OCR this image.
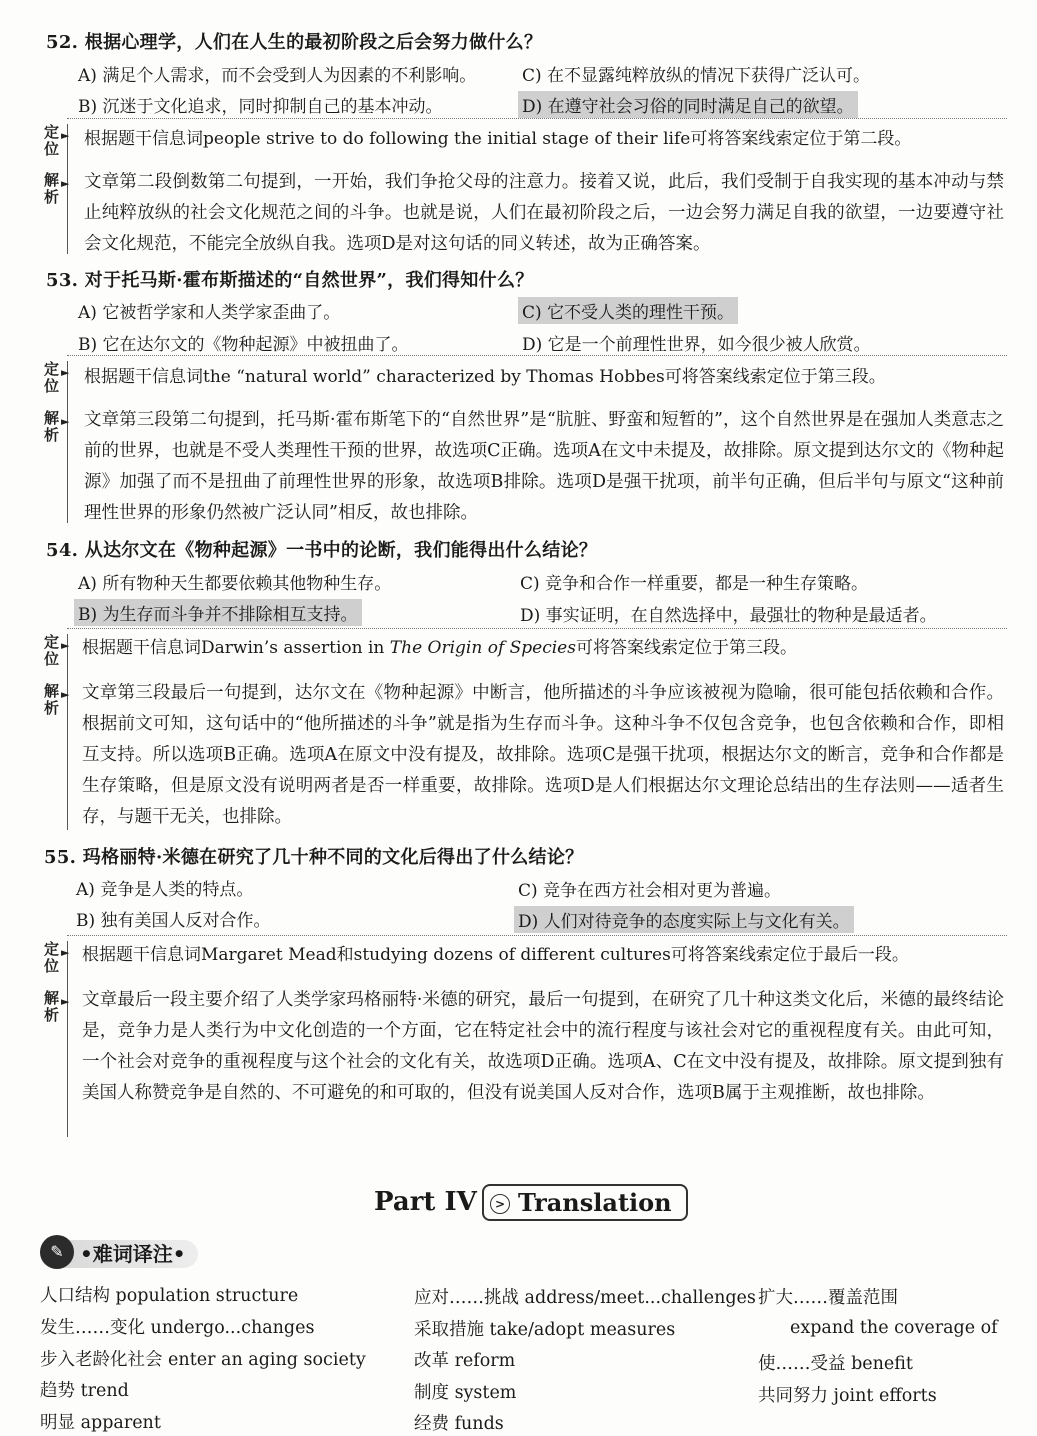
52. 根据心理学，人们在人生的最初阶段之后会努力做什么？
A) 满足个人需求，而不会受到人为因素的不利影响。	C) 在不显露纯粹放纵的情况下获得广泛认可。
B) 沉迷于文化追求，同时抑制自己的基本冲动。	D) 在遵守社会习俗的同时满足自己的欲望。
定位
► 根据题干信息词people strive to do following the initial stage of their life可将答案线索定位于第二段。
解析
► 文章第二段倒数第二句提到，一开始，我们争抢父母的注意力。接着又说，此后，我们受制于自我实现的基本冲动与禁止纯粹放纵的社会文化规范之间的斗争。也就是说，人们在最初阶段之后，一边会努力满足自我的欲望，一边要遵守社会文化规范，不能完全放纵自我。选项D是对这句话的同义转述，故为正确答案。
53. 对于托马斯·霍布斯描述的“自然世界”，我们得知什么？
A) 它被哲学家和人类学家歪曲了。	C) 它不受人类的理性干预。
B) 它在达尔文的《物种起源》中被扭曲了。	D) 它是一个前理性世界，如今很少被人欣赏。
定位
► 根据题干信息词the “natural world” characterized by Thomas Hobbes可将答案线索定位于第三段。
解析
► 文章第三段第二句提到，托马斯·霍布斯笔下的“自然世界”是“肮脏、野蛮和短暂的”，这个自然世界是在强加人类意志之前的世界，也就是不受人类理性干预的世界，故选项C正确。选项A在文中未提及，故排除。原文提到达尔文的《物种起源》加强了而不是扭曲了前理性世界的形象，故选项B排除。选项D是强干扰项，前半句正确，但后半句与原文“这种前理性世界的形象仍然被广泛认同”相反，故也排除。
54. 从达尔文在《物种起源》一书中的论断，我们能得出什么结论？
A) 所有物种天生都要依赖其他物种生存。	C) 竞争和合作一样重要，都是一种生存策略。
B) 为生存而斗争并不排除相互支持。	D) 事实证明，在自然选择中，最强壮的物种是最适者。
定位
► 根据题干信息词Darwin’s assertion in The Origin of Species可将答案线索定位于第三段。
解析
► 文章第三段最后一句提到，达尔文在《物种起源》中断言，他所描述的斗争应该被视为隐喻，很可能包括依赖和合作。根据前文可知，这句话中的“他所描述的斗争”就是指为生存而斗争。这种斗争不仅包含竞争，也包含依赖和合作，即相互支持。所以选项B正确。选项A在原文中没有提及，故排除。选项C是强干扰项，根据达尔文的断言，竞争和合作都是生存策略，但是原文没有说明两者是否一样重要，故排除。选项D是人们根据达尔文理论总结出的生存法则——适者生存，与题干无关，也排除。
55. 玛格丽特·米德在研究了几十种不同的文化后得出了什么结论？
A) 竞争是人类的特点。	C) 竞争在西方社会相对更为普遍。
B) 独有美国人反对合作。	D) 人们对待竞争的态度实际上与文化有关。
定位
► 根据题干信息词Margaret Mead和studying dozens of different cultures可将答案线索定位于最后一段。
解析
► 文章最后一段主要介绍了人类学家玛格丽特·米德的研究，最后一句提到，在研究了几十种这类文化后，米德的最终结论是，竞争力是人类行为中文化创造的一个方面，它在特定社会中的流行程度与该社会对它的重视程度有关。由此可知，一个社会对竞争的重视程度与这个社会的文化有关，故选项D正确。选项A、C在文中没有提及，故排除。原文提到独有美国人称赞竞争是自然的、不可避免的和可取的，但没有说美国人反对合作，选项B属于主观推断，故也排除。
Part IV	> Translation
✎ •难词译注•
人口结构 population structure
发生……变化 undergo...changes
步入老龄化社会 enter an aging society
趋势 trend
明显 apparent
应对……挑战 address/meet...challenges
采取措施 take/adopt measures
改革 reform
制度 system
经费 funds
扩大……覆盖范围
expand the coverage of
使……受益 benefit
共同努力 joint efforts
